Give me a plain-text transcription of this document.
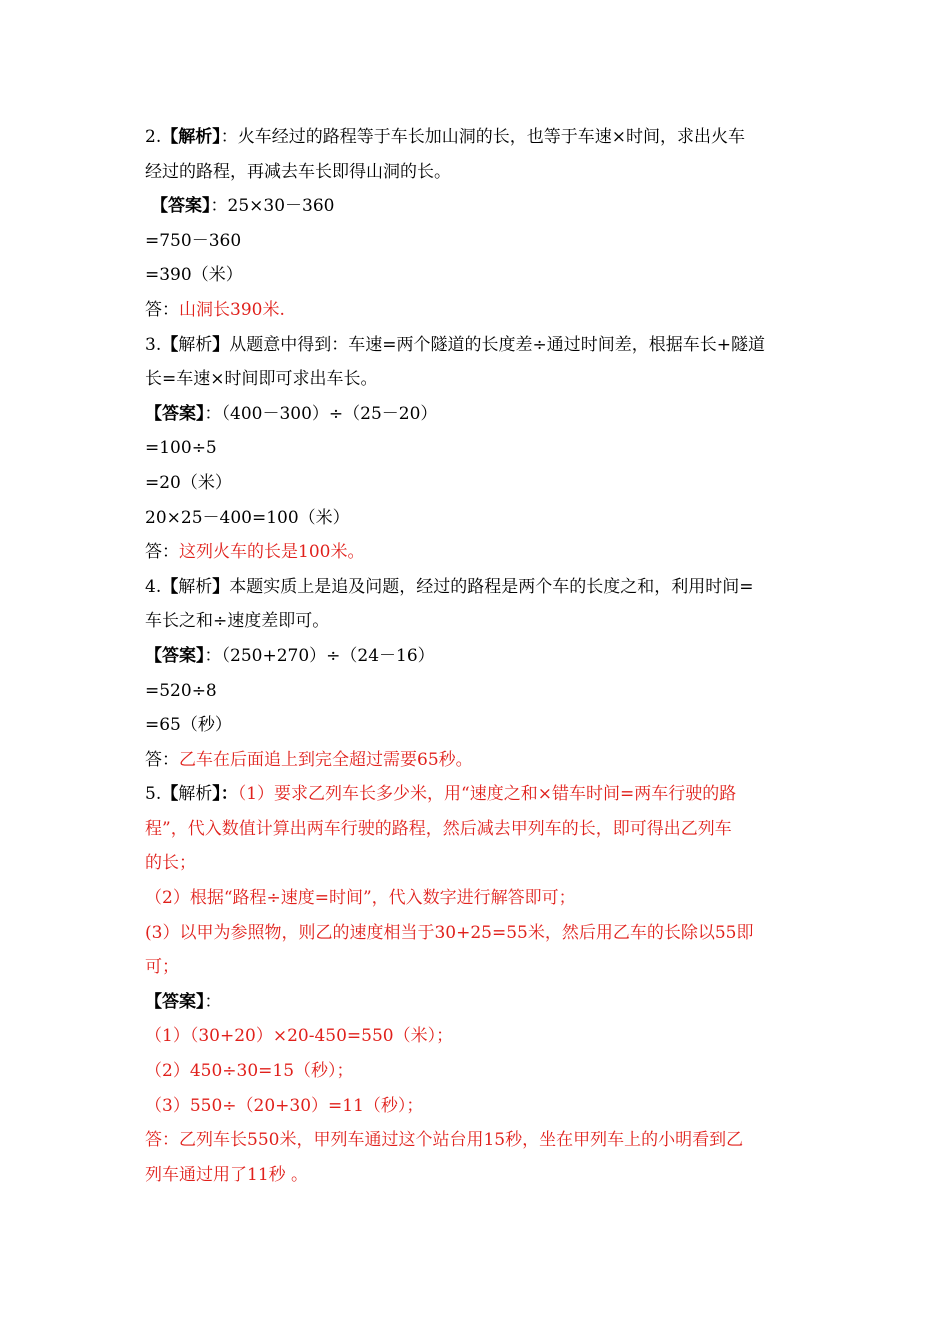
2.【解析】：火车经过的路程等于车长加山洞的长，也等于车速×时间，求出火车
经过的路程，再减去车长即得山洞的长。
【答案】：25×30－360
=750－360
=390（米）
答：山洞长390米.
3.【解析】从题意中得到：车速=两个隧道的长度差÷通过时间差，根据车长+隧道
长=车速×时间即可求出车长。
【答案】：（400－300）÷（25－20）
=100÷5
=20（米）
20×25－400=100（米）
答：这列火车的长是100米。
4.【解析】本题实质上是追及问题，经过的路程是两个车的长度之和，利用时间=
车长之和÷速度差即可。
【答案】：（250+270）÷（24－16）
=520÷8
=65（秒）
答：乙车在后面追上到完全超过需要65秒。
5.【解析】：（1）要求乙列车长多少米，用“速度之和×错车时间=两车行驶的路
程”，代入数值计算出两车行驶的路程，然后减去甲列车的长，即可得出乙列车
的长；
（2）根据“路程÷速度=时间”，代入数字进行解答即可；
(3）以甲为参照物，则乙的速度相当于30+25=55米，然后用乙车的长除以55即
可；
【答案】：
（1）（30+20）×20-450=550（米）；
（2）450÷30=15（秒）；
（3）550÷（20+30）=11（秒）；
答：乙列车长550米，甲列车通过这个站台用15秒，坐在甲列车上的小明看到乙
列车通过用了11秒 。
